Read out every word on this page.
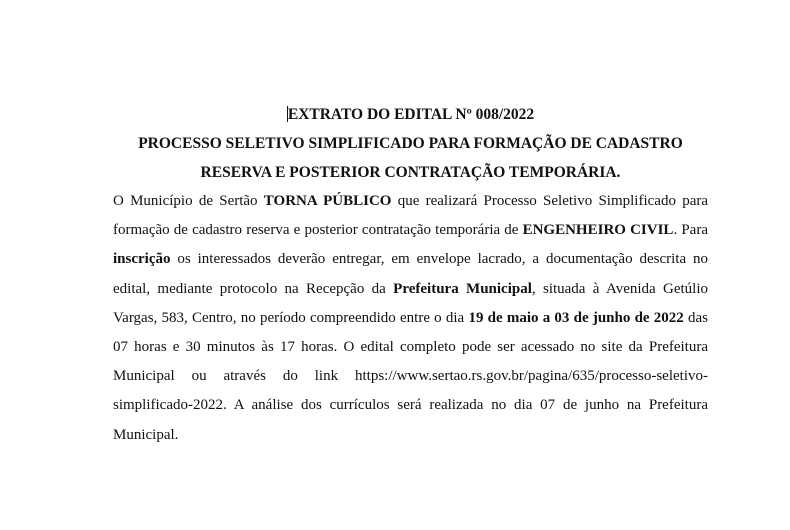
EXTRATO DO EDITAL Nº 008/2022

PROCESSO SELETIVO SIMPLIFICADO PARA FORMAÇÃO DE CADASTRO

RESERVA E POSTERIOR CONTRATAÇÃO TEMPORÁRIA.

O Município de Sertão TORNA PÚBLICO que realizará Processo Seletivo Simplificado para formação de cadastro reserva e posterior contratação temporária de ENGENHEIRO CIVIL. Para inscrição os interessados deverão entregar, em envelope lacrado, a documentação descrita no edital, mediante protocolo na Recepção da Prefeitura Municipal, situada à Avenida Getúlio Vargas, 583, Centro, no período compreendido entre o dia 19 de maio a 03 de junho de 2022 das 07 horas e 30 minutos às 17 horas. O edital completo pode ser acessado no site da Prefeitura Municipal ou através do link https://www.sertao.rs.gov.br/pagina/635/processo-seletivo-simplificado-2022. A análise dos currículos será realizada no dia 07 de junho na Prefeitura Municipal.
